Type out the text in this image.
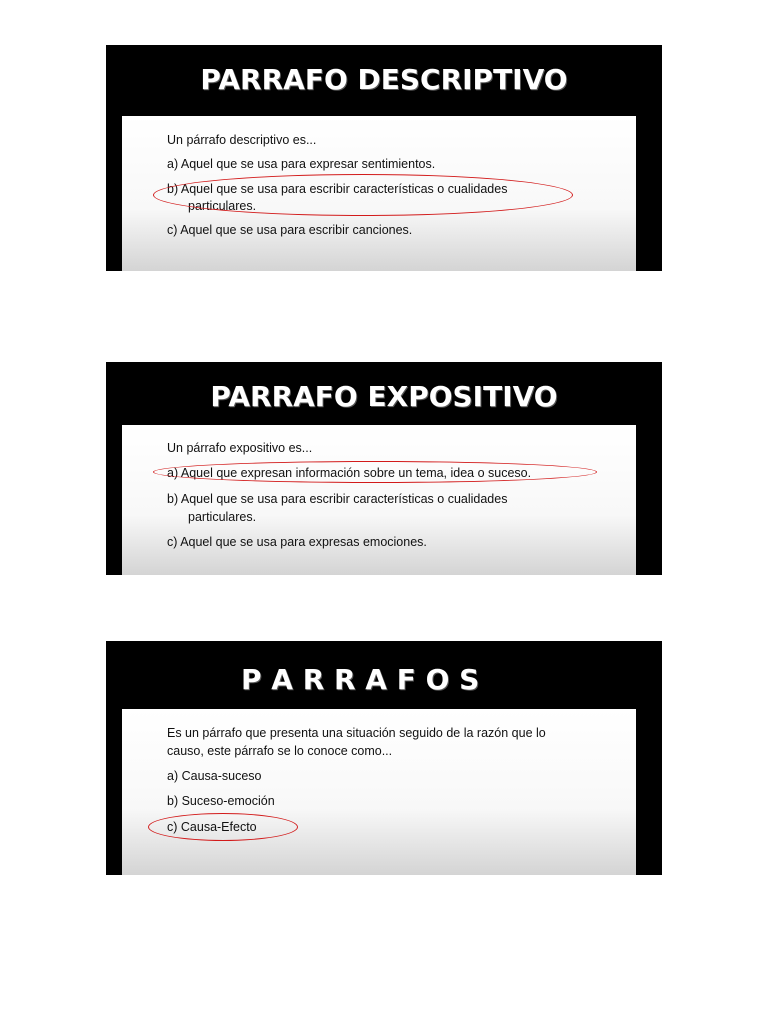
PARRAFO DESCRIPTIVO
Un párrafo descriptivo es...
a) Aquel que se usa para expresar sentimientos.
b) Aquel que se usa para escribir características o cualidades
particulares.
c) Aquel que se usa para escribir canciones.
PARRAFO EXPOSITIVO
Un párrafo expositivo es...
a) Aquel que expresan información sobre un tema, idea o suceso.
b) Aquel que se usa para escribir características o cualidades
particulares.
c) Aquel que se usa para expresas emociones.
P A R R A F O S
Es un párrafo que presenta una situación seguido de la razón que lo
causo, este párrafo se lo conoce como...
a) Causa-suceso
b) Suceso-emoción
c) Causa-Efecto
